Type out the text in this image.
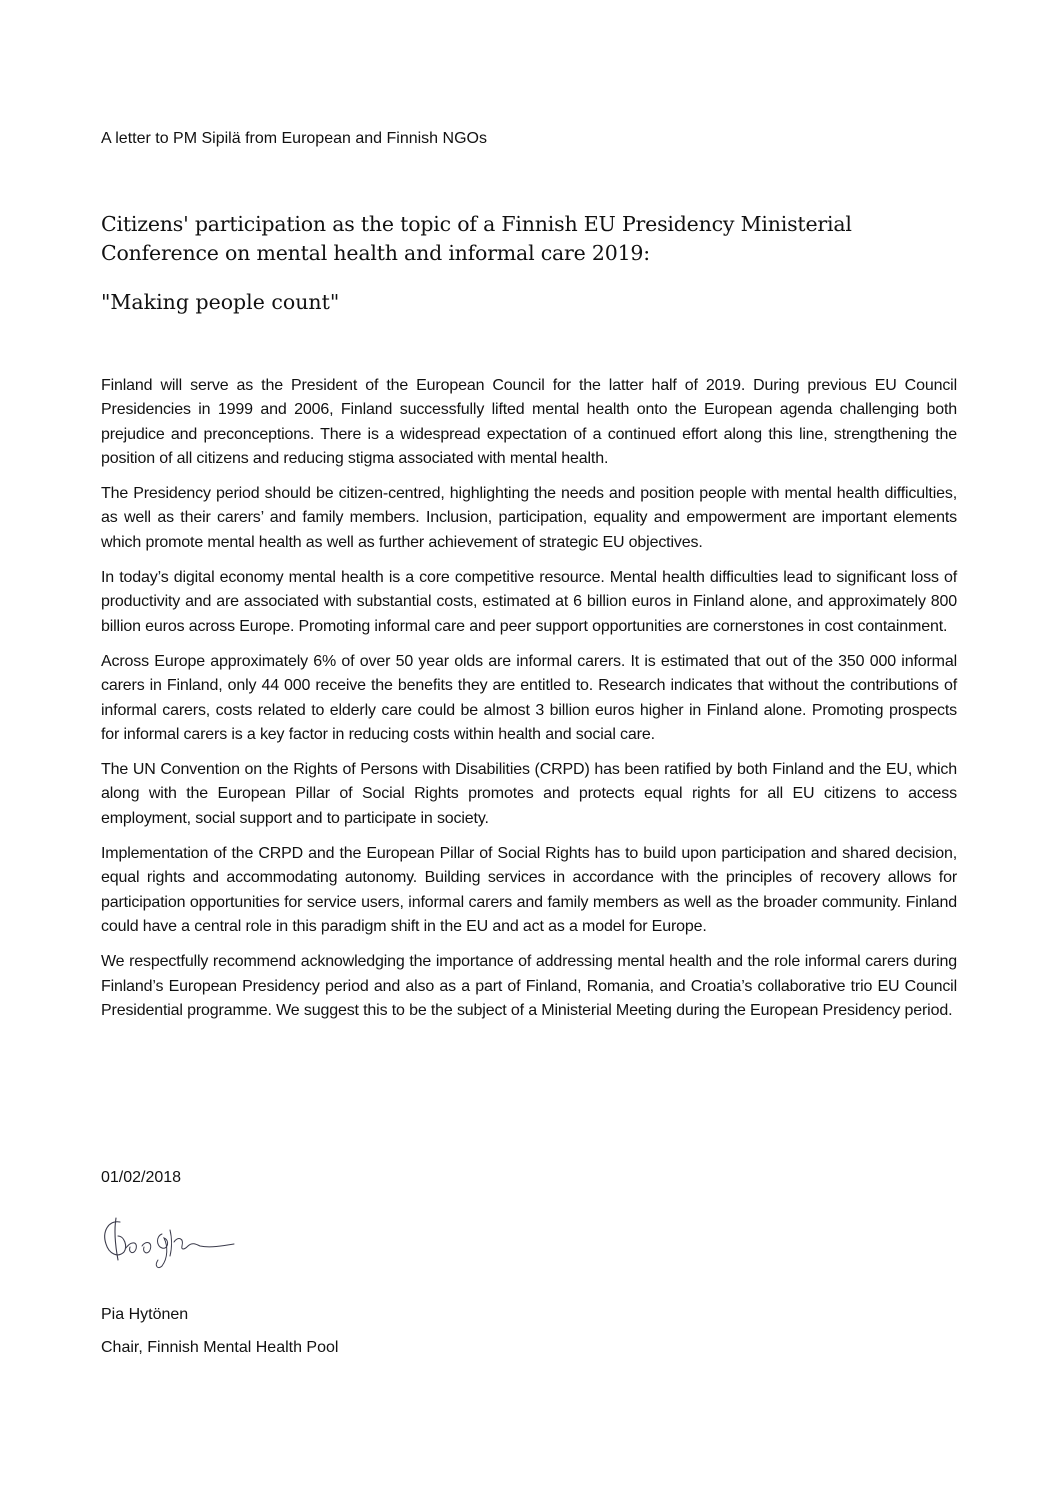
A letter to PM Sipilä from European and Finnish NGOs
Citizens' participation as the topic of a Finnish EU Presidency Ministerial Conference on mental health and informal care 2019:
"Making people count"

Finland will serve as the President of the European Council for the latter half of 2019. During previous EU Council Presidencies in 1999 and 2006, Finland successfully lifted mental health onto the European agenda challenging both prejudice and preconceptions. There is a widespread expectation of a continued effort along this line, strengthening the position of all citizens and reducing stigma associated with mental health.

The Presidency period should be citizen-centred, highlighting the needs and position people with mental health difficulties, as well as their carers’ and family members. Inclusion, participation, equality and empowerment are important elements which promote mental health as well as further achievement of strategic EU objectives.

In today’s digital economy mental health is a core competitive resource. Mental health difficulties lead to significant loss of productivity and are associated with substantial costs, estimated at 6 billion euros in Finland alone, and approximately 800 billion euros across Europe. Promoting informal care and peer support opportunities are cornerstones in cost containment.

Across Europe approximately 6% of over 50 year olds are informal carers. It is estimated that out of the 350 000 informal carers in Finland, only 44 000 receive the benefits they are entitled to. Research indicates that without the contributions of informal carers, costs related to elderly care could be almost 3 billion euros higher in Finland alone. Promoting prospects for informal carers is a key factor in reducing costs within health and social care.

The UN Convention on the Rights of Persons with Disabilities (CRPD) has been ratified by both Finland and the EU, which along with the European Pillar of Social Rights promotes and protects equal rights for all EU citizens to access employment, social support and to participate in society.

Implementation of the CRPD and the European Pillar of Social Rights has to build upon participation and shared decision, equal rights and accommodating autonomy. Building services in accordance with the principles of recovery allows for participation opportunities for service users, informal carers and family members as well as the broader community. Finland could have a central role in this paradigm shift in the EU and act as a model for Europe.

We respectfully recommend acknowledging the importance of addressing mental health and the role informal carers during Finland’s European Presidency period and also as a part of Finland, Romania, and Croatia’s collaborative trio EU Council Presidential programme. We suggest this to be the subject of a Ministerial Meeting during the European Presidency period.

01/02/2018
Pia Hytönen
Chair, Finnish Mental Health Pool
